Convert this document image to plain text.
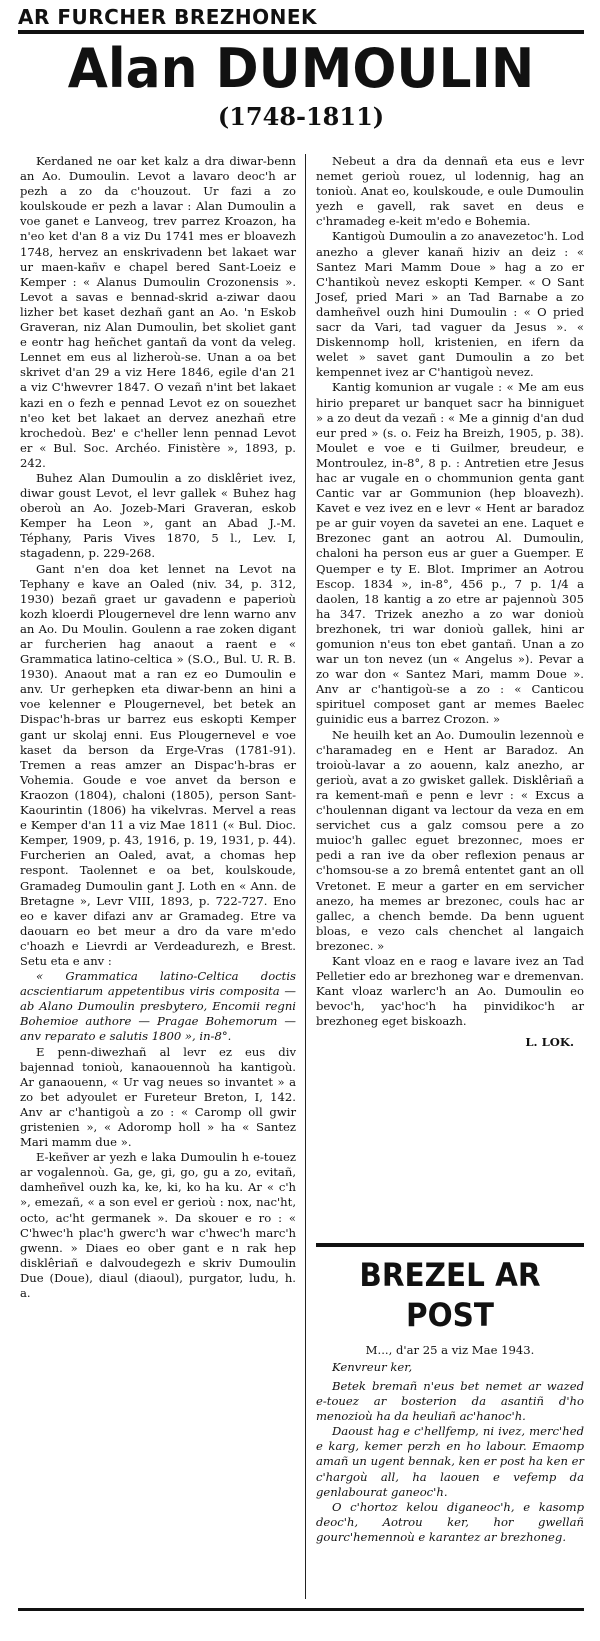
AR FURCHER BREZHONEK
Alan DUMOULIN
(1748-1811)

Kerdaned ne oar ket kalz a dra diwar-benn an Ao. Dumoulin. Levot a lavaro deoc'h ar pezh a zo da c'houzout. Ur fazi a zo koulskoude er pezh a lavar : Alan Dumoulin a voe ganet e Lanveog, trev parrez Kroazon, ha n'eo ket d'an 8 a viz Du 1741 mes er bloavezh 1748, hervez an enskrivadenn bet lakaet war ur maen-kañv e chapel bered Sant-Loeiz e Kemper : « Alanus Dumoulin Crozonensis ». Levot a savas e bennad-skrid a-ziwar daou lizher bet kaset dezhañ gant an Ao. 'n Eskob Graveran, niz Alan Dumoulin, bet skoliet gant e eontr hag heñchet gantañ da vont da veleg. Lennet em eus al lizheroù-se. Unan a oa bet skrivet d'an 29 a viz Here 1846, egile d'an 21 a viz C'hwevrer 1847. O vezañ n'int bet lakaet kazi en o fezh e pennad Levot ez on souezhet n'eo ket bet lakaet an dervez anezhañ etre krochedoù. Bez' e c'heller lenn pennad Levot er « Bul. Soc. Archéo. Finistère », 1893, p. 242.

Buhez Alan Dumoulin a zo disklêriet ivez, diwar goust Levot, el levr gallek « Buhez hag oberoù an Ao. Jozeb-Mari Graveran, eskob Kemper ha Leon », gant an Abad J.-M. Téphany, Paris Vives 1870, 5 l., Lev. I, stagadenn, p. 229-268.

Gant n'en doa ket lennet na Levot na Tephany e kave an Oaled (niv. 34, p. 312, 1930) bezañ graet ur gavadenn e paperioù kozh kloerdi Plougernevel dre lenn warno anv an Ao. Du Moulin. Goulenn a rae zoken digant ar furcherien hag anaout a raent e « Grammatica latino-celtica » (S.O., Bul. U. R. B. 1930). Anaout mat a ran ez eo Dumoulin e anv. Ur gerhepken eta diwar-benn an hini a voe kelenner e Plougernevel, bet betek an Dispac'h-bras ur barrez eus eskopti Kemper gant ur skolaj enni. Eus Plougernevel e voe kaset da berson da Erge-Vras (1781-91). Tremen a reas amzer an Dispac'h-bras er Vohemia. Goude e voe anvet da berson e Kraozon (1804), chaloni (1805), person Sant-Kaourintin (1806) ha vikelvras. Mervel a reas e Kemper d'an 11 a viz Mae 1811 (« Bul. Dioc. Kemper, 1909, p. 43, 1916, p. 19, 1931, p. 44). Furcherien an Oaled, avat, a chomas hep respont. Taolennet e oa bet, koulskoude, Gramadeg Dumoulin gant J. Loth en « Ann. de Bretagne », Levr VIII, 1893, p. 722-727. Eno eo e kaver difazi anv ar Gramadeg. Etre va daouarn eo bet meur a dro da vare m'edo c'hoazh e Lievrdi ar Verdeadurezh, e Brest. Setu eta e anv :

« Grammatica latino-Celtica doctis acscientiarum appetentibus viris composita — ab Alano Dumoulin presbytero, Encomii regni Bohemioe authore — Pragae Bohemorum — anv reparato e salutis 1800 », in-8°.

E penn-diwezhañ al levr ez eus div bajennad tonioù, kanaouennoù ha kantigoù. Ar ganaouenn, « Ur vag neues so invantet » a zo bet adyoulet er Fureteur Breton, I, 142. Anv ar c'hantigoù a zo : « Caromp oll gwir gristenien », « Adoromp holl » ha « Santez Mari mamm due ».

E-keñver ar yezh e laka Dumoulin h e-touez ar vogalennoù. Ga, ge, gi, go, gu a zo, evitañ, damheñvel ouzh ka, ke, ki, ko ha ku. Ar « c'h », emezañ, « a son evel er gerioù : nox, nac'ht, octo, ac'ht germanek ». Da skouer e ro : « C'hwec'h plac'h gwerc'h war c'hwec'h marc'h gwenn. » Diaes eo ober gant e n rak hep disklêriañ e dalvoudegezh e skriv Dumoulin Due (Doue), diaul (diaoul), purgator, ludu, h. a.

Nebeut a dra da dennañ eta eus e levr nemet gerioù rouez, ul lodennig, hag an tonioù. Anat eo, koulskoude, e oule Dumoulin yezh e gavell, rak savet en deus e c'hramadeg e-keit m'edo e Bohemia.

Kantigoù Dumoulin a zo anavezetoc'h. Lod anezho a glever kanañ hiziv an deiz : « Santez Mari Mamm Doue » hag a zo er C'hantikoù nevez eskopti Kemper. « O Sant Josef, pried Mari » an Tad Barnabe a zo damheñvel ouzh hini Dumoulin : « O pried sacr da Vari, tad vaguer da Jesus ». « Diskennomp holl, kristenien, en ifern da welet » savet gant Dumoulin a zo bet kempennet ivez ar C'hantigoù nevez.

Kantig komunion ar vugale : « Me am eus hirio preparet ur banquet sacr ha binniguet » a zo deut da vezañ : « Me a ginnig d'an dud eur pred » (s. o. Feiz ha Breizh, 1905, p. 38). Moulet e voe e ti Guilmer, breudeur, e Montroulez, in-8°, 8 p. : Antretien etre Jesus hac ar vugale en o chommunion genta gant Cantic var ar Gommunion (hep bloavezh). Kavet e vez ivez en e levr « Hent ar baradoz pe ar guir voyen da savetei an ene. Laquet e Brezonec gant an aotrou Al. Dumoulin, chaloni ha person eus ar guer a Guemper. E Quemper e ty E. Blot. Imprimer an Aotrou Escop. 1834 », in-8°, 456 p., 7 p. 1/4 a daolen, 18 kantig a zo etre ar pajennoù 305 ha 347. Trizek anezho a zo war donioù brezhonek, tri war donioù gallek, hini ar gomunion n'eus ton ebet gantañ. Unan a zo war un ton nevez (un « Angelus »). Pevar a zo war don « Santez Mari, mamm Doue ». Anv ar c'hantigoù-se a zo : « Canticou spirituel composet gant ar memes Baelec guinidic eus a barrez Crozon. »

Ne heuilh ket an Ao. Dumoulin lezennoù e c'haramadeg en e Hent ar Baradoz. An troioù-lavar a zo aouenn, kalz anezho, ar gerioù, avat a zo gwisket gallek. Disklêriañ a ra kement-mañ e penn e levr : « Excus a c'houlennan digant va lectour da veza en em servichet cus a galz comsou pere a zo muioc'h gallec eguet brezonnec, moes er pedi a ran ive da ober reflexion penaus ar c'homsou-se a zo bremâ ententet gant an oll Vretonet. E meur a garter en em servicher anezo, ha memes ar brezonec, couls hac ar gallec, a chench bemde. Da benn uguent bloas, e vezo cals chenchet al langaich brezonec. »

Kant vloaz en e raog e lavare ivez an Tad Pelletier edo ar brezhoneg war e dremenvan. Kant vloaz warlerc'h an Ao. Dumoulin eo bevoc'h, yac'hoc'h ha pinvidikoc'h ar brezhoneg eget biskoazh.

L. LOK.
BREZEL AR POST
M..., d'ar 25 a viz Mae 1943.
Kenvreur ker,

Betek bremañ n'eus bet nemet ar wazed e-touez ar bosterion da asantiñ d'ho menozioù ha da heuliañ ac'hanoc'h.

Daoust hag e c'hellfemp, ni ivez, merc'hed e karg, kemer perzh en ho labour. Emaomp amañ un ugent bennak, ken er post ha ken er c'hargoù all, ha laouen e vefemp da genlabourat ganeoc'h.

O c'hortoz kelou diganeoc'h, e kasomp deoc'h, Aotrou ker, hor gwellañ gourc'hemennoù e karantez ar brezhoneg.
